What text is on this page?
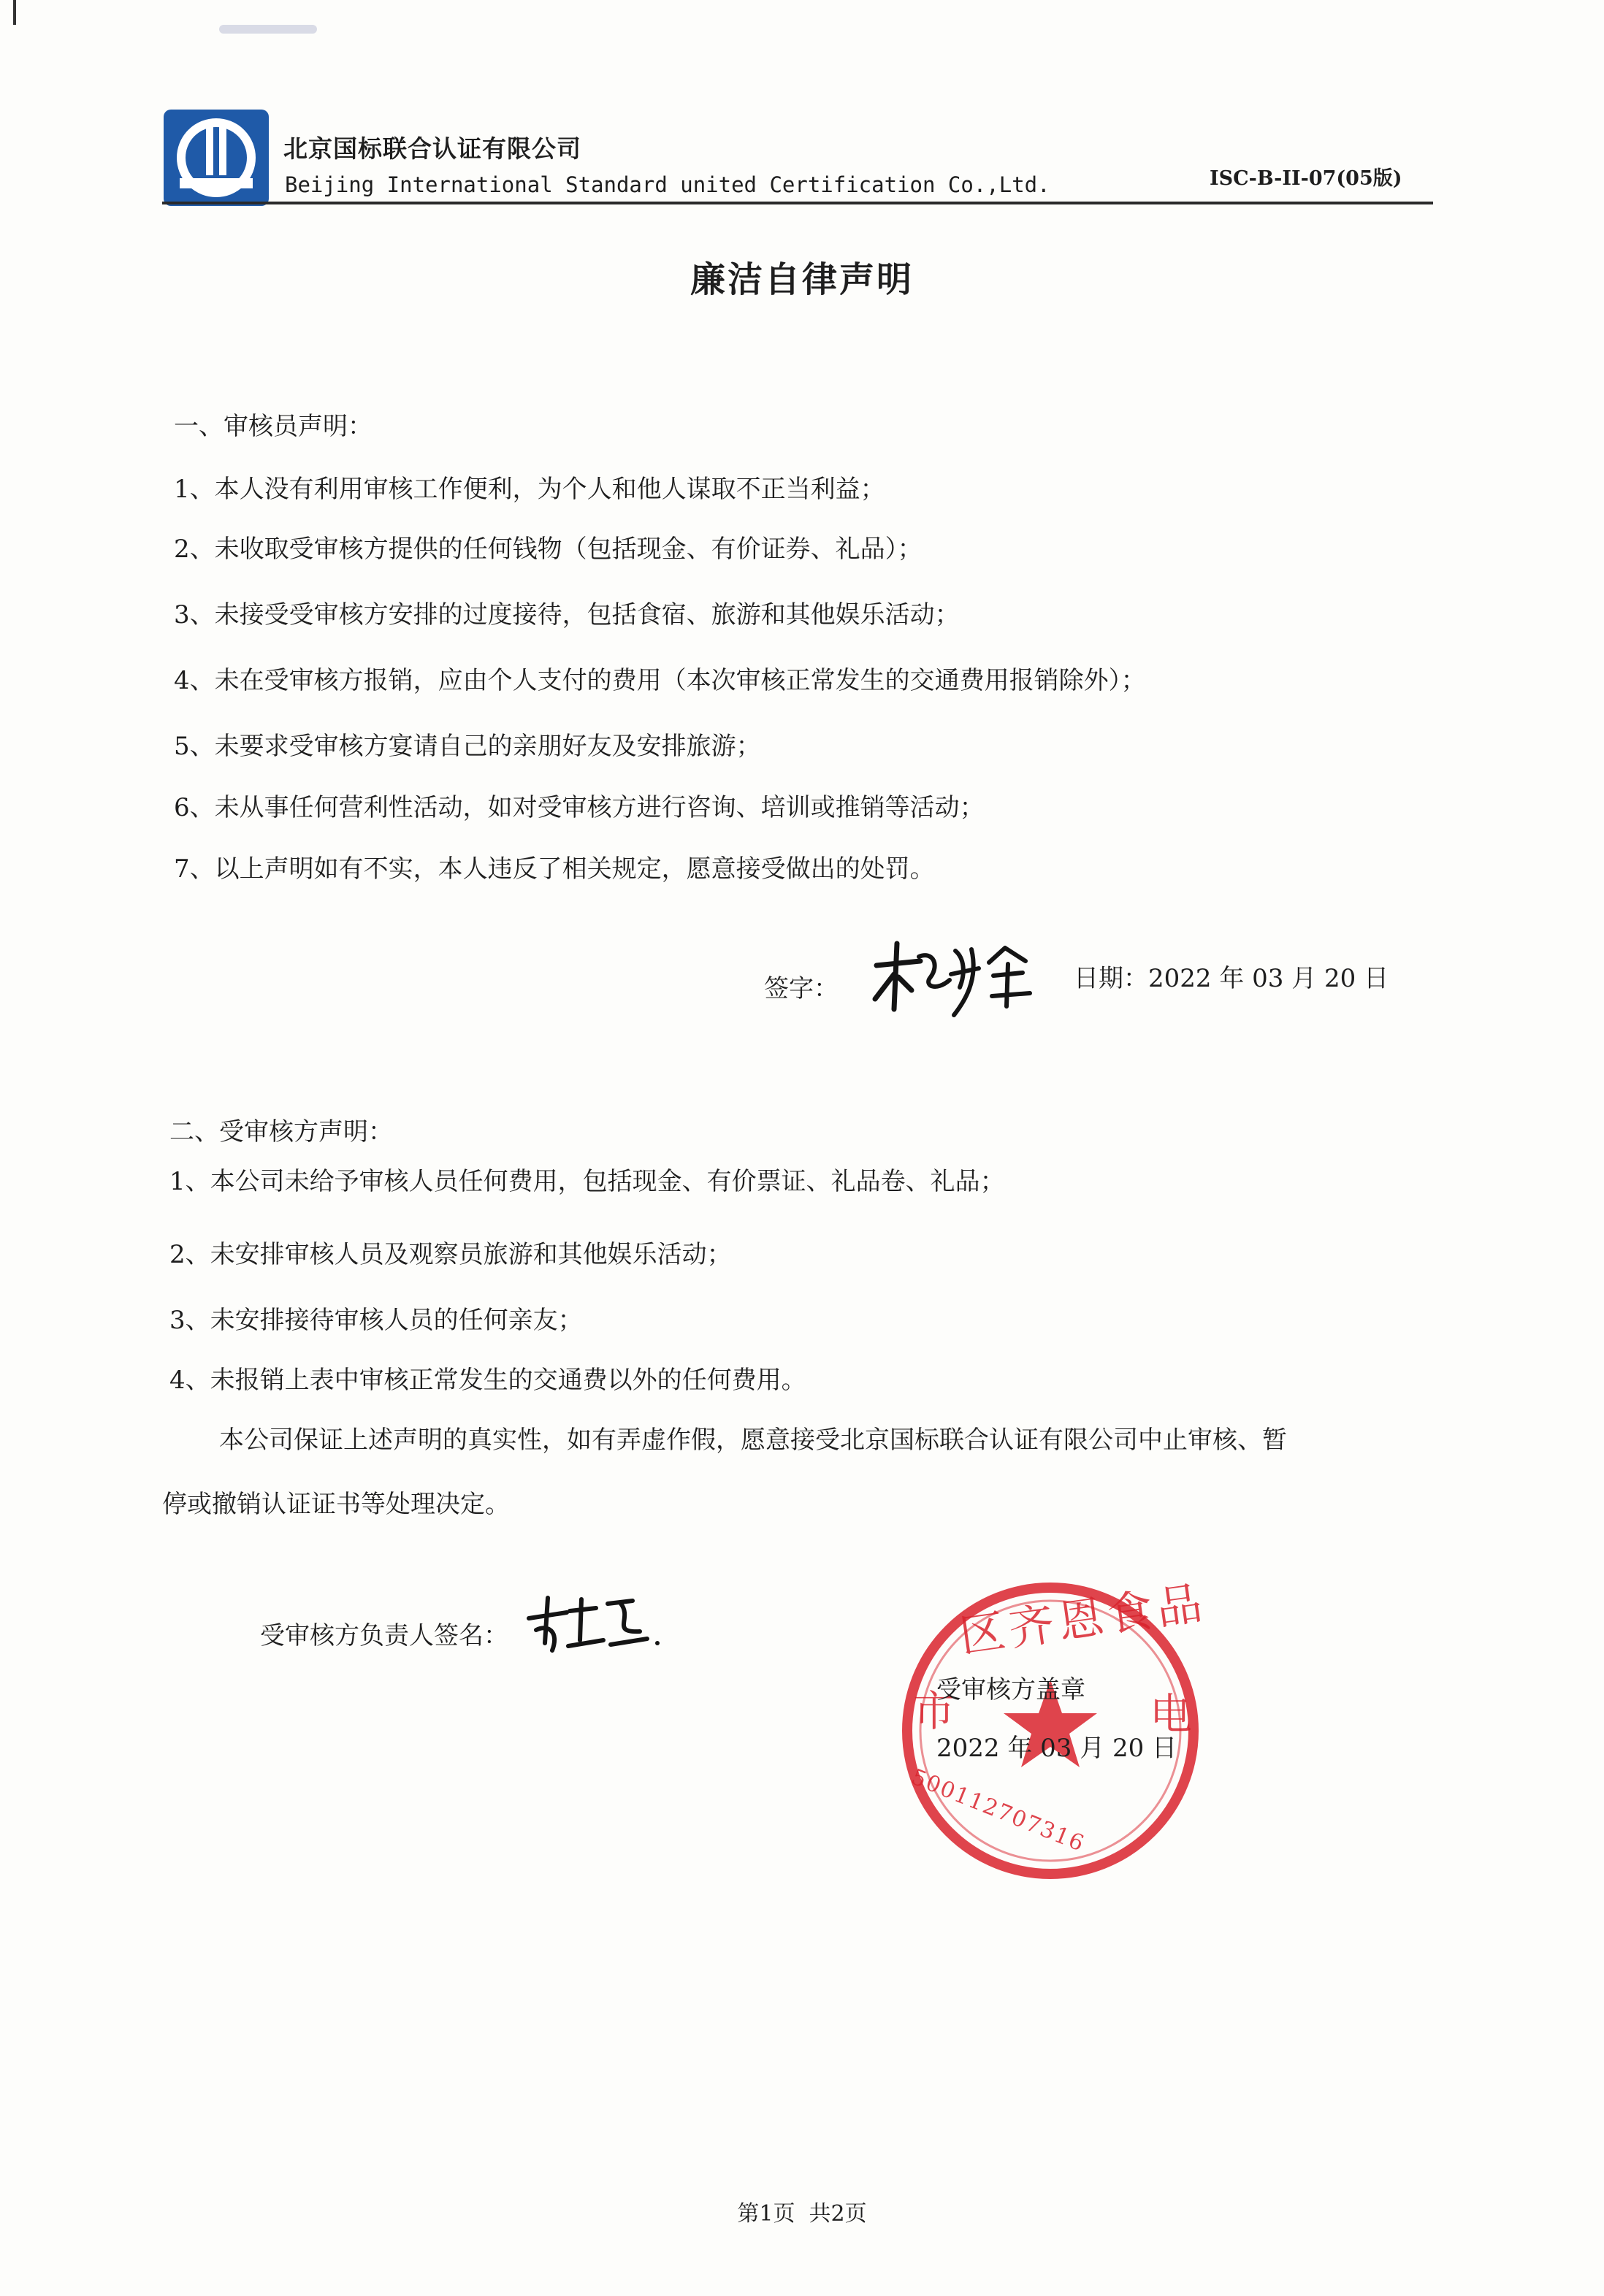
北京国标联合认证有限公司
Beijing International Standard united Certification Co.,Ltd.	ISC-B-II-07(05版)
廉洁自律声明
一、审核员声明：
1、本人没有利用审核工作便利，为个人和他人谋取不正当利益；
2、未收取受审核方提供的任何钱物（包括现金、有价证券、礼品）；
3、未接受受审核方安排的过度接待，包括食宿、旅游和其他娱乐活动；
4、未在受审核方报销，应由个人支付的费用（本次审核正常发生的交通费用报销除外）；
5、未要求受审核方宴请自己的亲朋好友及安排旅游；
6、未从事任何营利性活动，如对受审核方进行咨询、培训或推销等活动；
7、以上声明如有不实，本人违反了相关规定，愿意接受做出的处罚。
签字：	日期：2022 年 03 月 20 日
二、受审核方声明：
1、本公司未给予审核人员任何费用，包括现金、有价票证、礼品卷、礼品；
2、未安排审核人员及观察员旅游和其他娱乐活动；
3、未安排接待审核人员的任何亲友；
4、未报销上表中审核正常发生的交通费以外的任何费用。
本公司保证上述声明的真实性，如有弄虚作假，愿意接受北京国标联合认证有限公司中止审核、暂
停或撤销认证证书等处理决定。
受审核方负责人签名：	区齐恩食品
市	电
500112707316
受审核方盖章
2022 年 03 月 20 日
第1页  共2页
